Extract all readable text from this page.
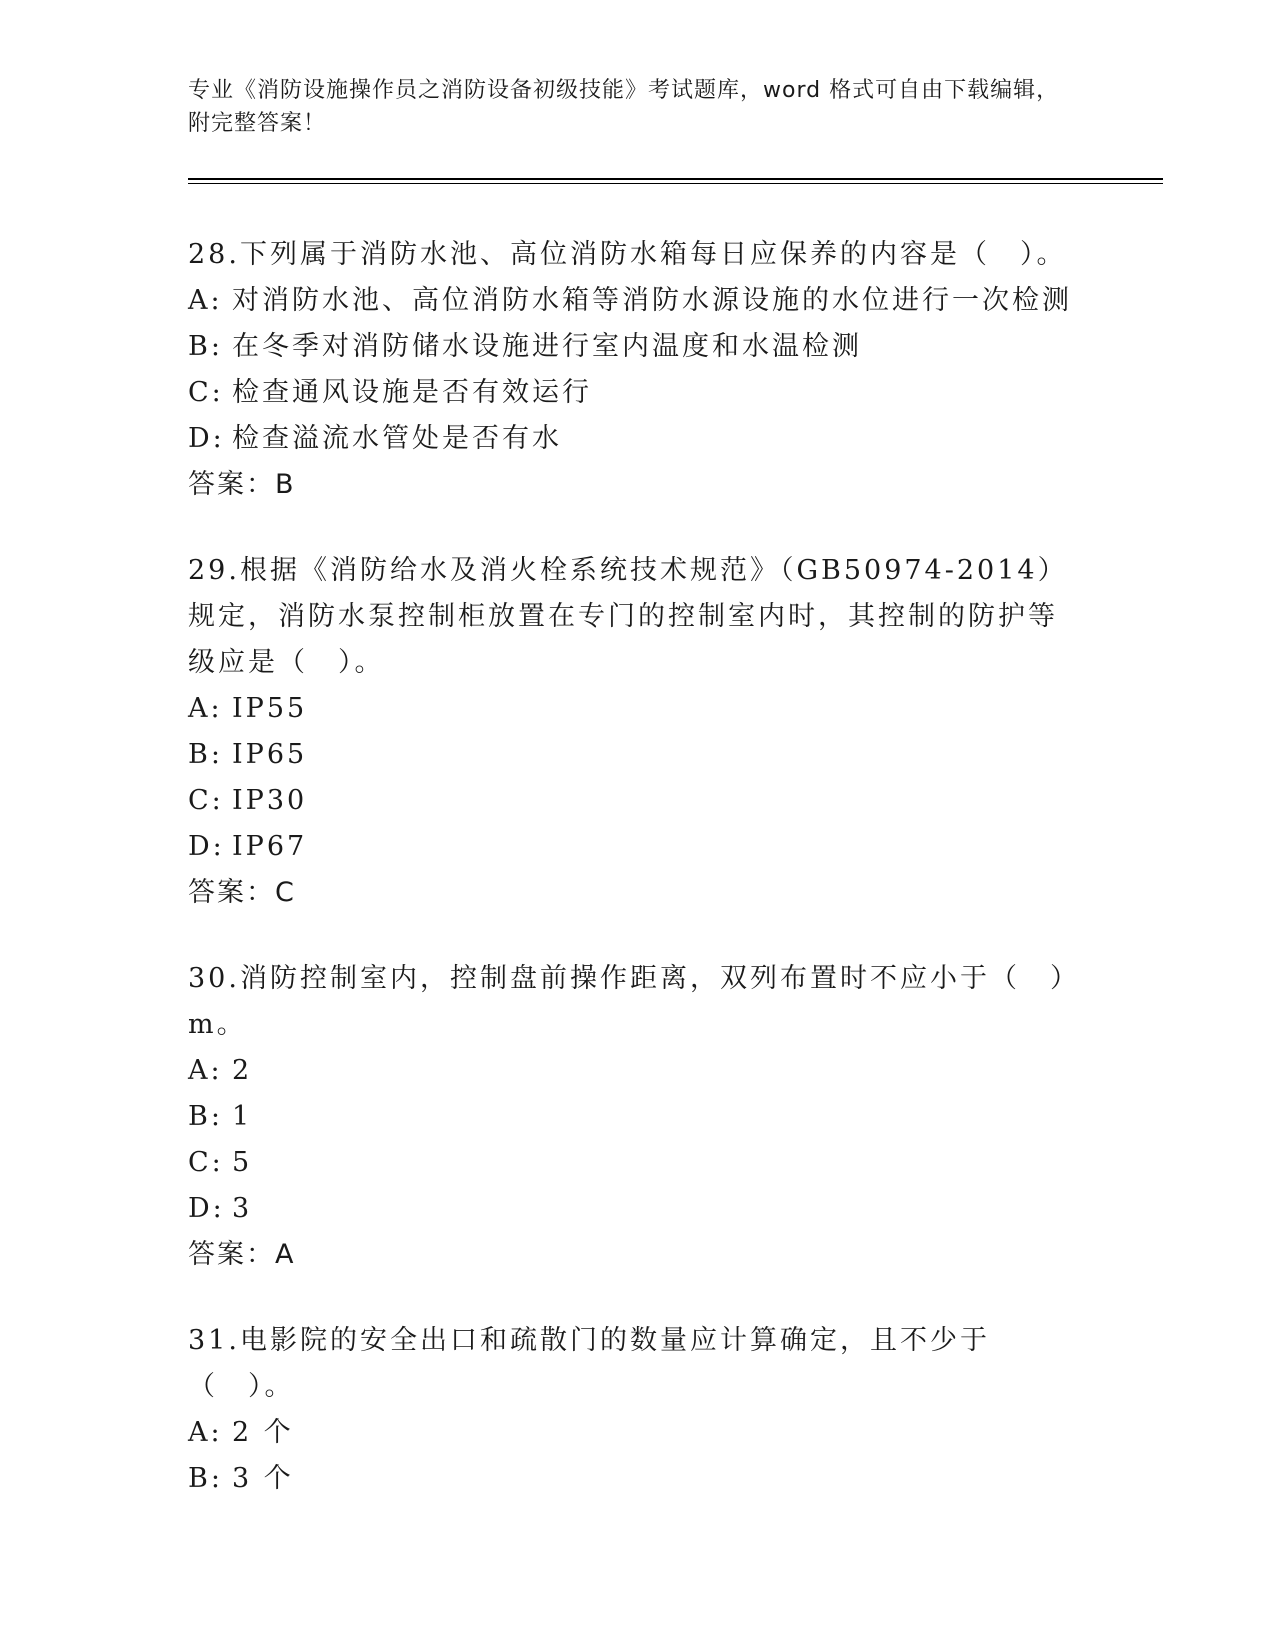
专业《消防设施操作员之消防设备初级技能》考试题库，word 格式可自由下载编辑，附完整答案！
28.下列属于消防水池、高位消防水箱每日应保养的内容是（　）。
A: 对消防水池、高位消防水箱等消防水源设施的水位进行一次检测
B: 在冬季对消防储水设施进行室内温度和水温检测
C: 检查通风设施是否有效运行
D: 检查溢流水管处是否有水
答案：B
29.根据《消防给水及消火栓系统技术规范》（GB50974-2014）规定，消防水泵控制柜放置在专门的控制室内时，其控制的防护等级应是（　）。
A: IP55
B: IP65
C: IP30
D: IP67
答案：C
30.消防控制室内，控制盘前操作距离，双列布置时不应小于（　）m。
A: 2
B: 1
C: 5
D: 3
答案：A
31.电影院的安全出口和疏散门的数量应计算确定，且不少于（　）。
A: 2 个
B: 3 个
